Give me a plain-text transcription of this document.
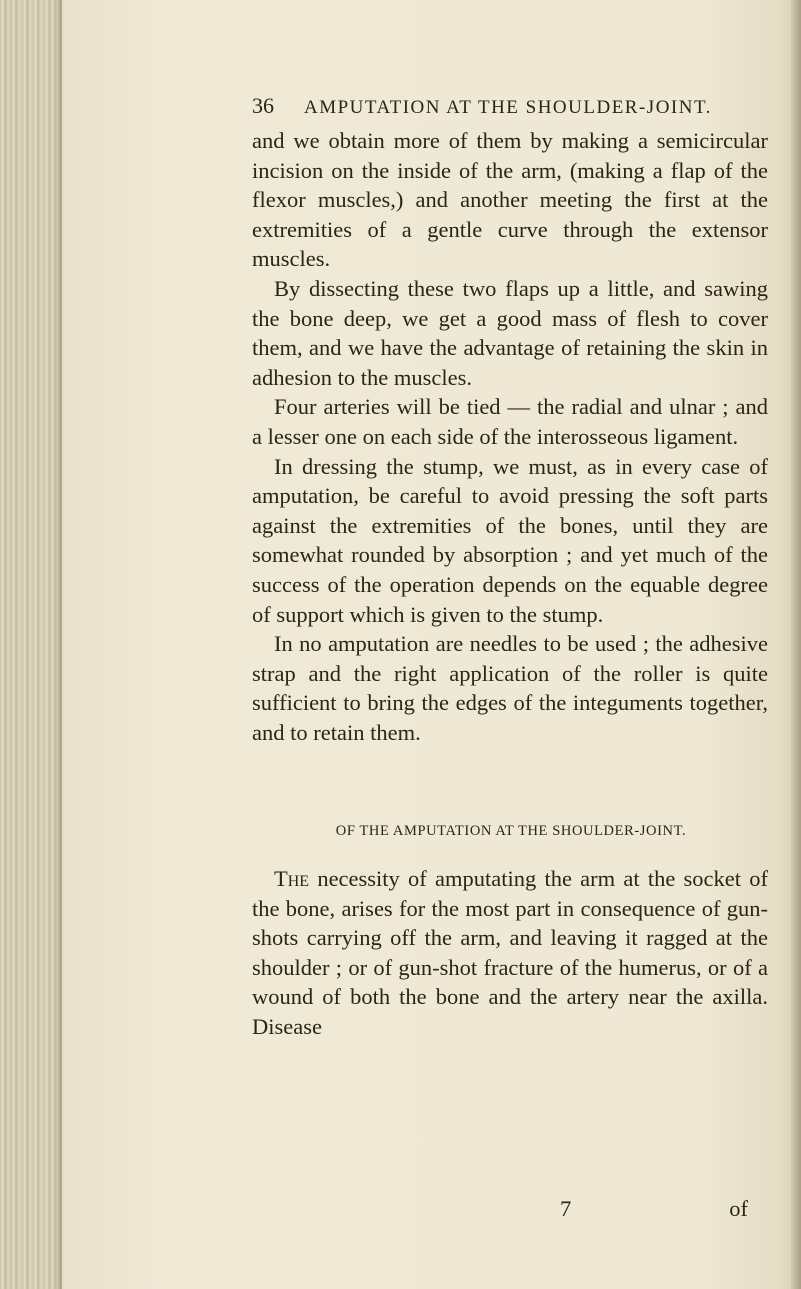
36 AMPUTATION AT THE SHOULDER-JOINT.

and we obtain more of them by making a semicircular incision on the inside of the arm, (making a flap of the flexor muscles,) and another meeting the first at the extremities of a gentle curve through the extensor muscles.

By dissecting these two flaps up a little, and sawing the bone deep, we get a good mass of flesh to cover them, and we have the advantage of retaining the skin in adhesion to the muscles.

Four arteries will be tied — the radial and ulnar ; and a lesser one on each side of the interosseous ligament.

In dressing the stump, we must, as in every case of amputation, be careful to avoid pressing the soft parts against the extremities of the bones, until they are somewhat rounded by absorption ; and yet much of the success of the operation depends on the equable degree of support which is given to the stump.

In no amputation are needles to be used ; the adhesive strap and the right application of the roller is quite sufficient to bring the edges of the integuments together, and to retain them.

OF THE AMPUTATION AT THE SHOULDER-JOINT.

The necessity of amputating the arm at the socket of the bone, arises for the most part in consequence of gun-shots carrying off the arm, and leaving it ragged at the shoulder ; or of gun-shot fracture of the humerus, or of a wound of both the bone and the artery near the axilla. Disease

7	of
